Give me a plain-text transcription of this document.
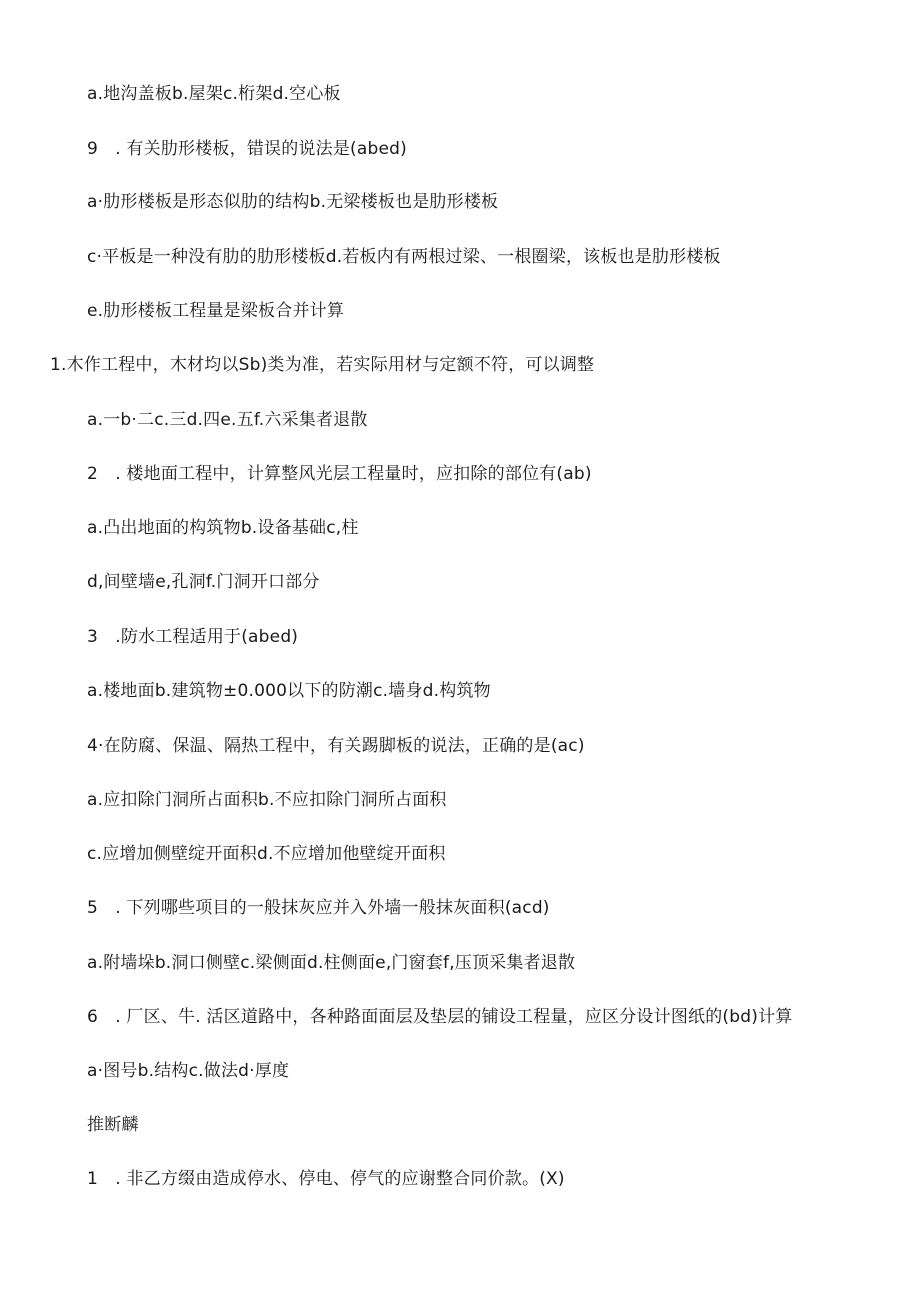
a.地沟盖板b.屋架c.桁架d.空心板
9　. 有关肋形楼板，错误的说法是(abed)
a·肋形楼板是形态似肋的结构b.无梁楼板也是肋形楼板
c·平板是一种没有肋的肋形楼板d.若板内有两根过梁、一根圈梁，该板也是肋形楼板
e.肋形楼板工程量是梁板合并计算
1.木作工程中，木材均以Sb)类为准，若实际用材与定额不符，可以调整
a.一b·二c.三d.四e.五f.六采集者退散
2　. 楼地面工程中，计算整风光层工程量时，应扣除的部位有(ab)
a.凸出地面的构筑物b.设备基础c,柱
d,间壁墙e,孔洞f.门洞开口部分
3　.防水工程适用于(abed)
a.楼地面b.建筑物±0.000以下的防潮c.墙身d.构筑物
4·在防腐、保温、隔热工程中，有关踢脚板的说法，正确的是(ac)
a.应扣除门洞所占面积b.不应扣除门洞所占面积
c.应增加侧壁绽开面积d.不应增加他壁绽开面积
5　. 下列哪些项目的一般抹灰应并入外墙一般抹灰面积(acd)
a.附墙垛b.洞口侧壁c.梁侧面d.柱侧面e,门窗套f,压顶采集者退散
6　. 厂区、牛. 活区道路中，各种路面面层及垫层的铺设工程量，应区分设计图纸的(bd)计算
a·图号b.结构c.做法d·厚度
推断麟
1　. 非乙方缀由造成停水、停电、停气的应谢整合同价款。(X)
